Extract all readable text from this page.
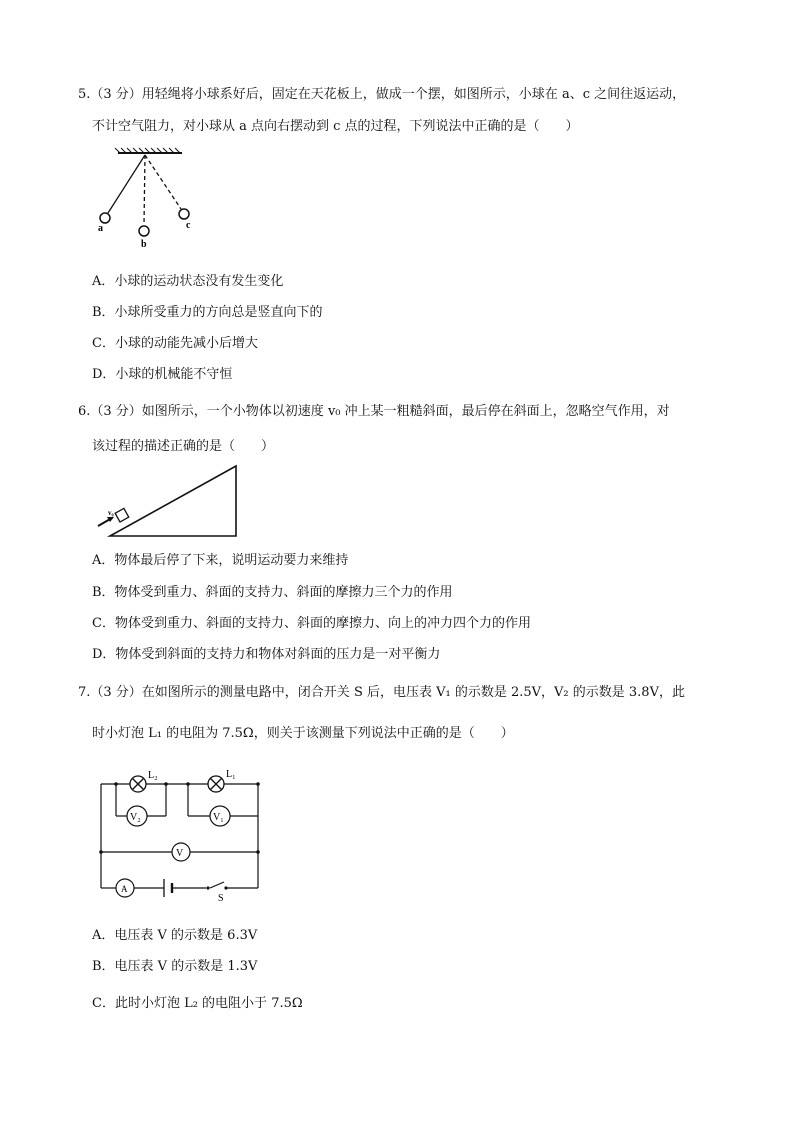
5.（3 分）用轻绳将小球系好后，固定在天花板上，做成一个摆，如图所示，小球在 a、c 之间往返运动，
不计空气阻力，对小球从 a 点向右摆动到 c 点的过程，下列说法中正确的是（　　）
a
b
c
A．小球的运动状态没有发生变化
B．小球所受重力的方向总是竖直向下的
C．小球的动能先减小后增大
D．小球的机械能不守恒
6.（3 分）如图所示，一个小物体以初速度 v₀ 冲上某一粗糙斜面，最后停在斜面上，忽略空气作用，对
该过程的描述正确的是（　　）
v₀
A．物体最后停了下来，说明运动要力来维持
B．物体受到重力、斜面的支持力、斜面的摩擦力三个力的作用
C．物体受到重力、斜面的支持力、斜面的摩擦力、向上的冲力四个力的作用
D．物体受到斜面的支持力和物体对斜面的压力是一对平衡力
7.（3 分）在如图所示的测量电路中，闭合开关 S 后，电压表 V₁ 的示数是 2.5V，V₂ 的示数是 3.8V，此
时小灯泡 L₁ 的电阻为 7.5Ω，则关于该测量下列说法中正确的是（　　）
L₂	L₁
V₂	V₁
V
A
S
A．电压表 V 的示数是 6.3V
B．电压表 V 的示数是 1.3V
C．此时小灯泡 L₂ 的电阻小于 7.5Ω
